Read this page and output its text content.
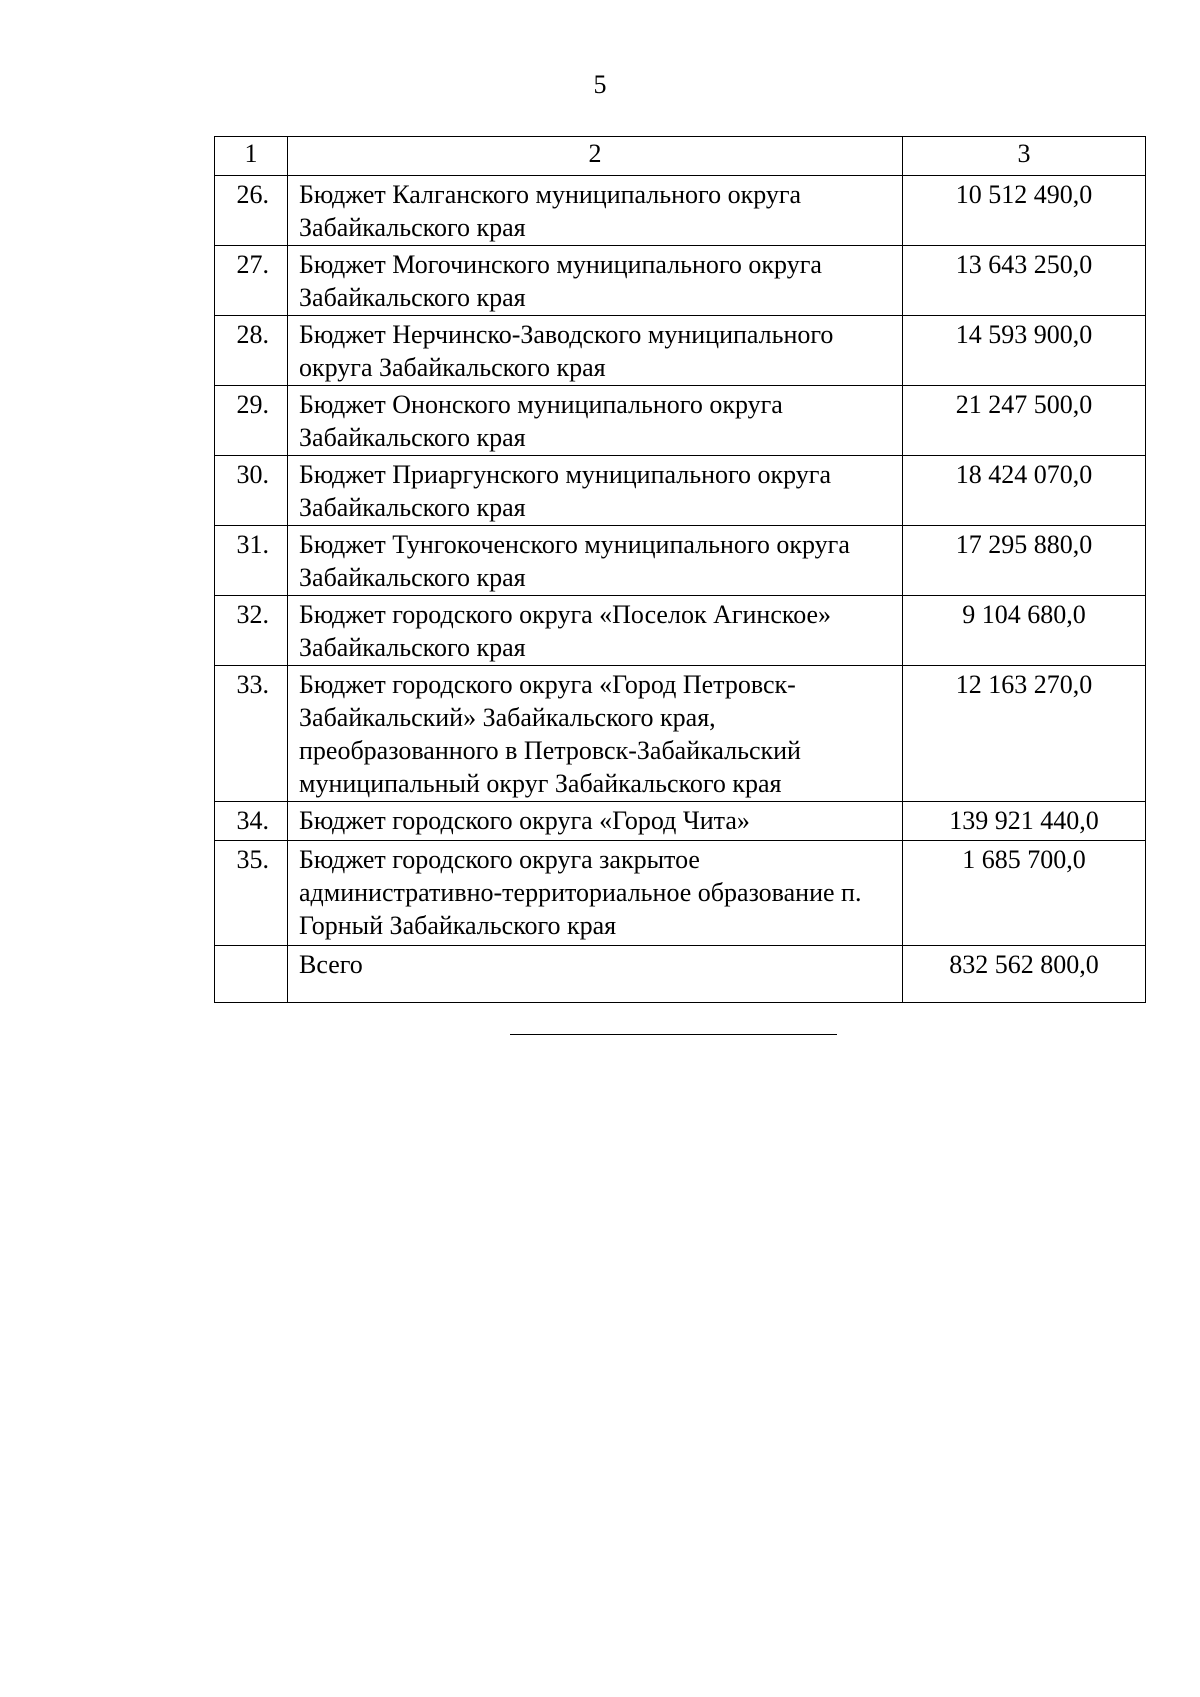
5
1	2	3
26.	Бюджет Калганского муниципального округа Забайкальского края	10 512 490,0
27.	Бюджет Могочинского муниципального округа Забайкальского края	13 643 250,0
28.	Бюджет Нерчинско-Заводского муниципального округа Забайкальского края	14 593 900,0
29.	Бюджет Ононского муниципального округа Забайкальского края	21 247 500,0
30.	Бюджет Приаргунского муниципального округа Забайкальского края	18 424 070,0
31.	Бюджет Тунгокоченского муниципального округа Забайкальского края	17 295 880,0
32.	Бюджет городского округа «Поселок Агинское» Забайкальского края	9 104 680,0
33.	Бюджет городского округа «Город Петровск-Забайкальский» Забайкальского края, преобразованного в Петровск-Забайкальский муниципальный округ Забайкальского края	12 163 270,0
34.	Бюджет городского округа «Город Чита»	139 921 440,0
35.	Бюджет городского округа закрытое административно-территориальное образование п. Горный Забайкальского края	1 685 700,0
	Всего	832 562 800,0
